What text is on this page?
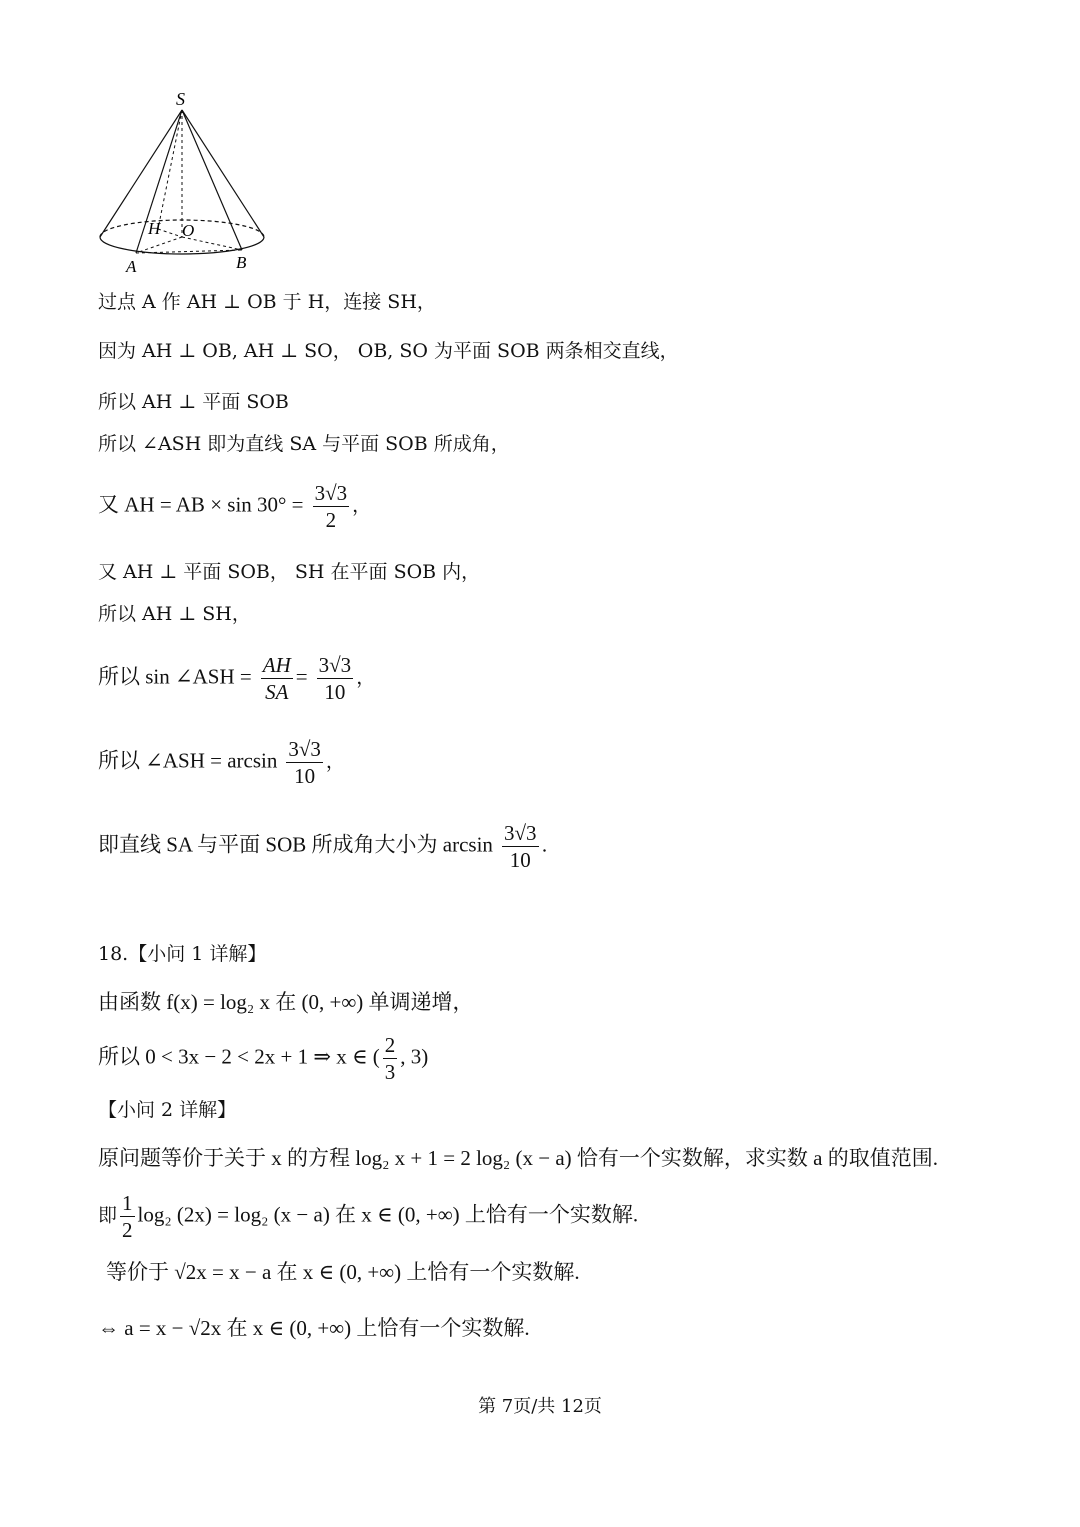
S
H O
A	B
过点 A 作 AH ⊥ OB 于 H，连接 SH，
因为 AH ⊥ OB, AH ⊥ SO， OB, SO 为平面 SOB 两条相交直线，
所以 AH ⊥ 平面 SOB
所以 ∠ASH 即为直线 SA 与平面 SOB 所成角，
又 AH = AB × $\sin 30^\circ = \frac{3√3}{2}$ ，
又 AH ⊥ 平面 SOB， SH 在平面 SOB 内，
所以 AH ⊥ SH，
所以 sin ∠ASH = $\frac{AH}{SA} = \frac{3√3}{10}$ ，
所以 ∠ASH = $\arcsin \frac{3√3}{10}$ ，
即直线 SA 与平面 SOB 所成角大小为 $\arcsin \frac{3√3}{10}$ .
18.【小问 1 详解】
由函数 f(x) = log₂ x 在 (0, +∞) 单调递增，
所以 0 < 3x − 2 < 2x + 1 ⇒ x ∈ ( $\frac{2}{3}$ , 3)
【小问 2 详解】
原问题等价于关于 x 的方程 log₂ x + 1 = 2 log₂ (x − a) 恰有一个实数解，求实数 a 的取值范围.
即 $\frac{1}{2} \log_2$ (2x) = log₂ (x − a) 在 x ∈ (0, +∞) 上恰有一个实数解.
等价于 √2x = x − a 在 x ∈ (0, +∞) 上恰有一个实数解.
⇔ a = x − √2x 在 x ∈ (0, +∞) 上恰有一个实数解.
第 7页/共 12页
